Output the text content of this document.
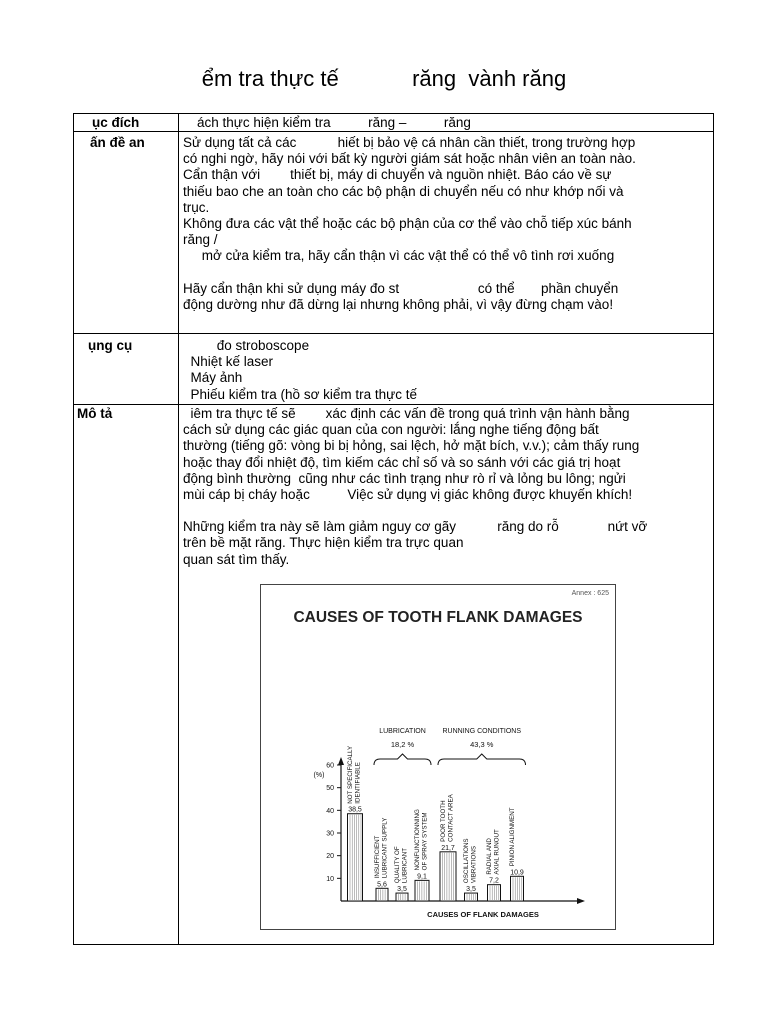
ểm tra thực tế            răng  vành răng
ục đích	ách thực hiện kiểm tra          răng –          răng

ấn đề an	Sử dụng tất cả các           hiết bị bảo vệ cá nhân cần thiết, trong trường hợp

có nghi ngờ, hãy nói với bất kỳ người giám sát hoặc nhân viên an toàn nào.

Cẩn thận với        thiết bị, máy di chuyển và nguồn nhiệt. Báo cáo về sự

thiếu bao che an toàn cho các bộ phận di chuyển nếu có như khớp nối và

trục.

Không đưa các vật thể hoặc các bộ phận của cơ thể vào chỗ tiếp xúc bánh

răng /

mở cửa kiểm tra, hãy cẩn thận vì các vật thể có thể vô tình rơi xuống

Hãy cẩn thận khi sử dụng máy đo st                     có thể       phần chuyển

động dường như đã dừng lại nhưng không phải, vì vậy đừng chạm vào!

ụng cụ	đo stroboscope

Nhiệt kế laser

Máy ảnh

Phiếu kiểm tra (hồ sơ kiểm tra thực tế

Mô tả	iêm tra thực tế sẽ        xác định các vấn đề trong quá trình vận hành bằng

cách sử dụng các giác quan của con người: lắng nghe tiếng động bất

thường (tiếng gõ: vòng bi bị hỏng, sai lệch, hở mặt bích, v.v.); cảm thấy rung

hoặc thay đổi nhiệt độ, tìm kiếm các chỉ số và so sánh với các giá trị hoạt

động bình thường  cũng như các tình trạng như rò rỉ và lỏng bu lông; ngửi

mùi cáp bị cháy hoặc          Việc sử dụng vị giác không được khuyến khích!

Những kiểm tra này sẽ làm giảm nguy cơ gãy           răng do rỗ             nứt vỡ

trên bề mặt răng. Thực hiện kiểm tra trực quan

quan sát tìm thấy.

Annex : 625
CAUSES OF TOOTH FLANK DAMAGES
10
20
30
40
50
60
38,5
NOT SPECIFICALLY IDENTIFIABLE
5,6
INSUFFICIENT LUBRICANT SUPPLY
3,5
QUALITY OF LUBRICANT 9,1
NONFUNCTIONNING OF SPRAY SYSTEM 21,7
POOR TOOTH CONTACT AREA
3,5
OSCILLATIONS VIBRATIONS 7,2
RADIAL AND AXIAL RUNOUT 10,9
PINION ALIGNMENT
LUBRICATION
18,2 %
RUNNING CONDITIONS
43,3 %
CAUSES OF FLANK DAMAGES
(%)
